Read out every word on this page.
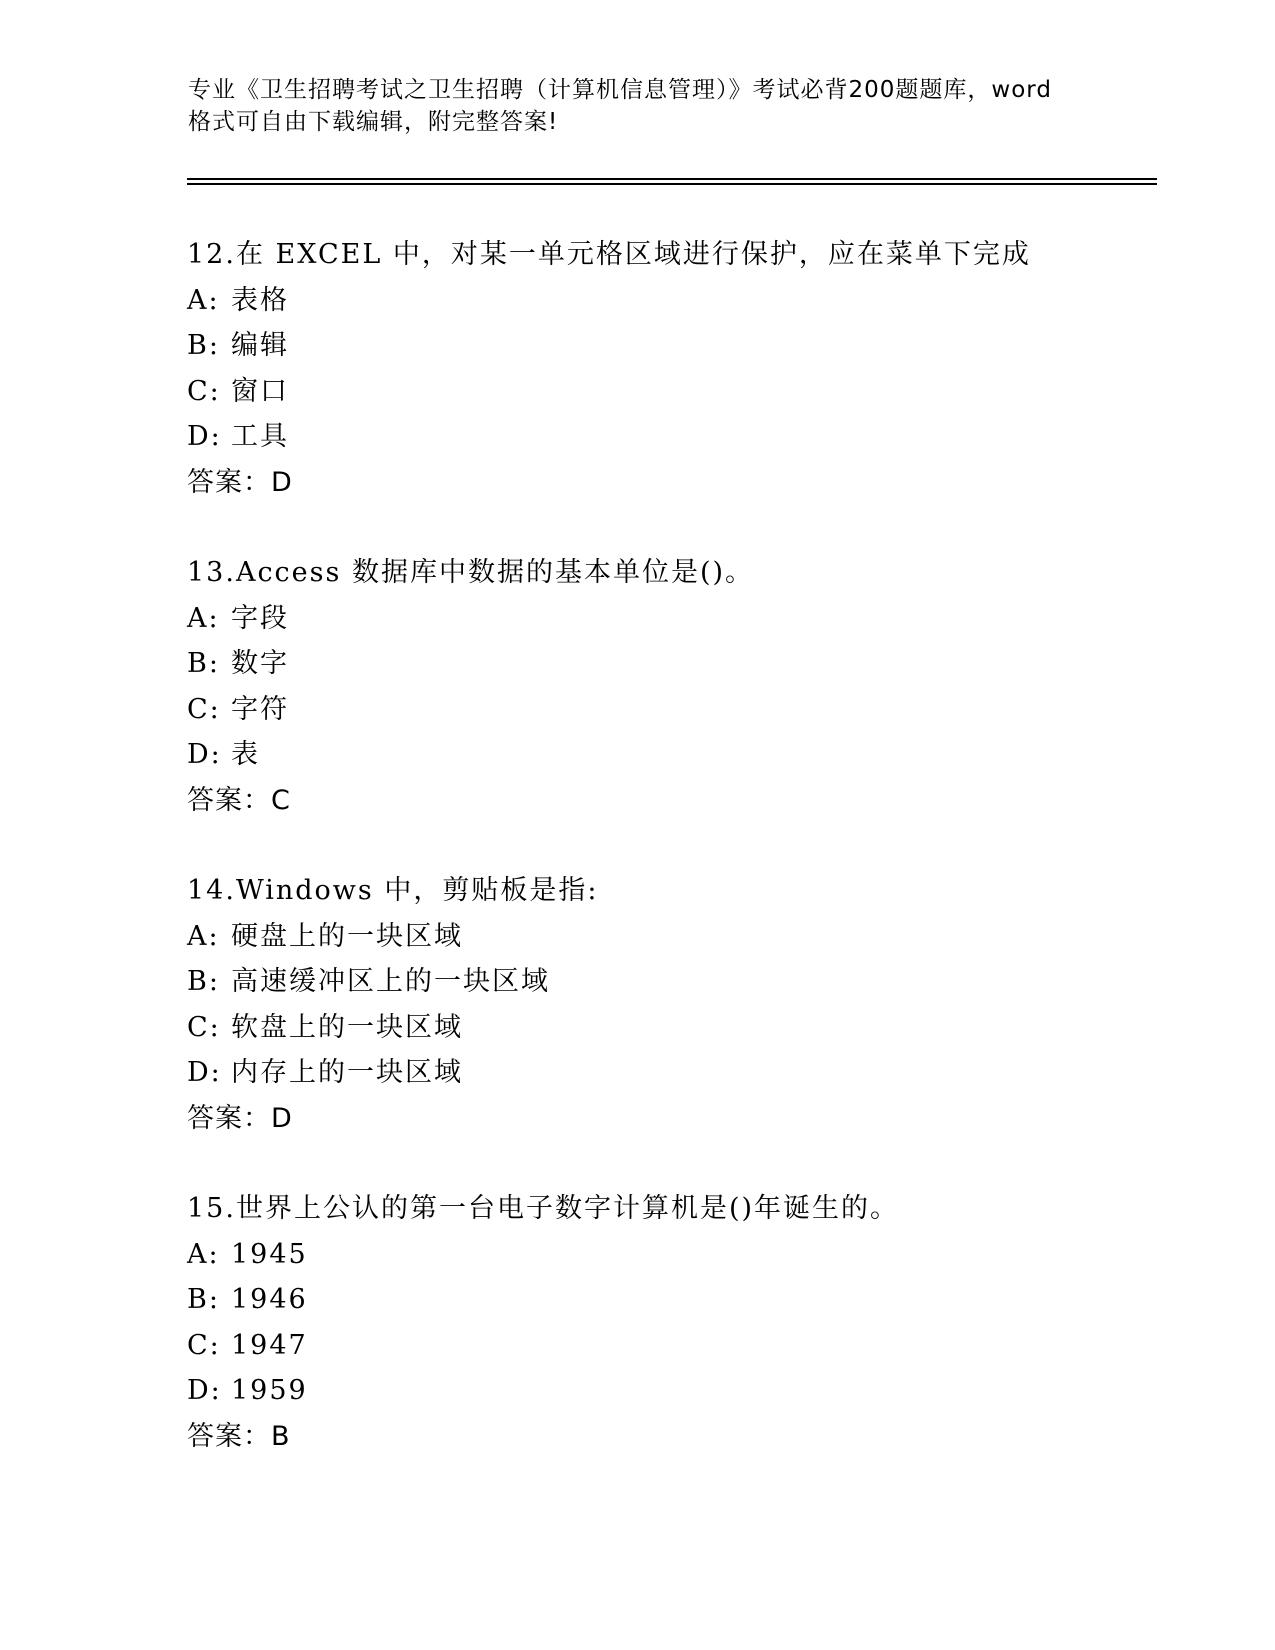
专业《卫生招聘考试之卫生招聘（计算机信息管理）》考试必背200题题库，word
格式可自由下载编辑，附完整答案!
12.在 EXCEL 中，对某一单元格区域进行保护，应在菜单下完成
A: 表格
B: 编辑
C: 窗口
D: 工具
答案：D
13.Access 数据库中数据的基本单位是()。
A: 字段
B: 数字
C: 字符
D: 表
答案：C
14.Windows 中，剪贴板是指:
A: 硬盘上的一块区域
B: 高速缓冲区上的一块区域
C: 软盘上的一块区域
D: 内存上的一块区域
答案：D
15.世界上公认的第一台电子数字计算机是()年诞生的。
A: 1945
B: 1946
C: 1947
D: 1959
答案：B
